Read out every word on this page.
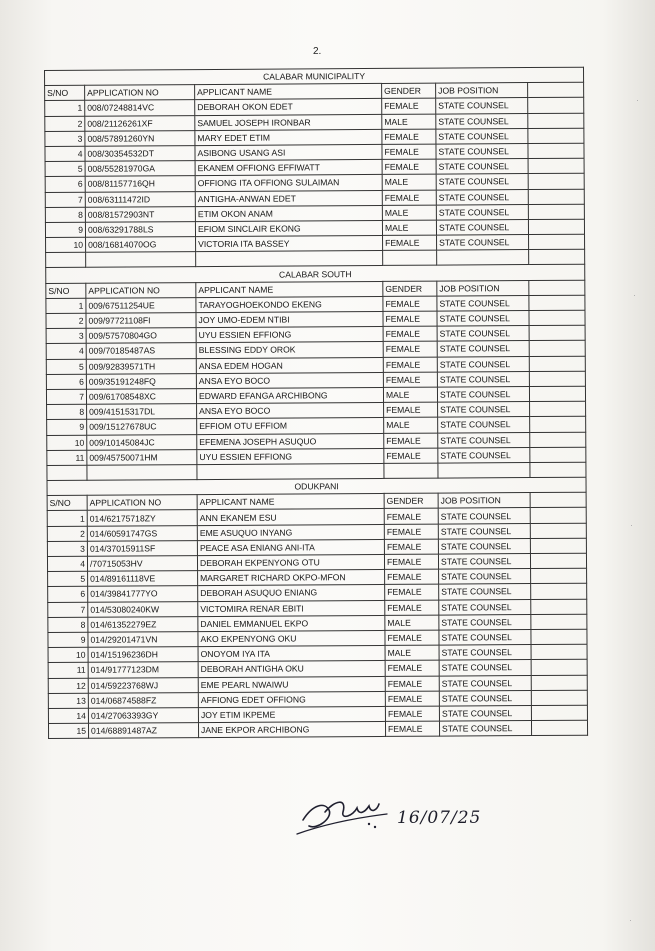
2.
CALABAR MUNICIPALITY					
S/NO	APPLICATION NO	APPLICANT NAME	GENDER	JOB POSITION	
1	008/07248814VC	DEBORAH OKON EDET	FEMALE	STATE COUNSEL	
2	008/21126261XF	SAMUEL JOSEPH IRONBAR	MALE	STATE COUNSEL	
3	008/57891260YN	MARY EDET ETIM	FEMALE	STATE COUNSEL	
4	008/30354532DT	ASIBONG USANG ASI	FEMALE	STATE COUNSEL	
5	008/55281970GA	EKANEM OFFIONG EFFIWATT	FEMALE	STATE COUNSEL	
6	008/81157716QH	OFFIONG ITA OFFIONG SULAIMAN	MALE	STATE COUNSEL	
7	008/63111472ID	ANTIGHA-ANWAN EDET	FEMALE	STATE COUNSEL	
8	008/81572903NT	ETIM OKON ANAM	MALE	STATE COUNSEL	
9	008/63291788LS	EFIOM SINCLAIR EKONG	MALE	STATE COUNSEL	
10	008/16814070OG	VICTORIA ITA BASSEY	FEMALE	STATE COUNSEL	

CALABAR SOUTH					
S/NO	APPLICATION NO	APPLICANT NAME	GENDER	JOB POSITION	
1	009/67511254UE	TARAYOGHOEKONDO EKENG	FEMALE	STATE COUNSEL	
2	009/97721108FI	JOY UMO-EDEM NTIBI	FEMALE	STATE COUNSEL	
3	009/57570804GO	UYU ESSIEN EFFIONG	FEMALE	STATE COUNSEL	
4	009/70185487AS	BLESSING EDDY OROK	FEMALE	STATE COUNSEL	
5	009/92839571TH	ANSA EDEM HOGAN	FEMALE	STATE COUNSEL	
6	009/35191248FQ	ANSA EYO BOCO	FEMALE	STATE COUNSEL	
7	009/61708548XC	EDWARD EFANGA ARCHIBONG	MALE	STATE COUNSEL	
8	009/41515317DL	ANSA EYO BOCO	FEMALE	STATE COUNSEL	
9	009/15127678UC	EFFIOM OTU EFFIOM	MALE	STATE COUNSEL	
10	009/10145084JC	EFEMENA JOSEPH ASUQUO	FEMALE	STATE COUNSEL	
11	009/45750071HM	UYU ESSIEN EFFIONG	FEMALE	STATE COUNSEL	

ODUKPANI					
S/NO	APPLICATION NO	APPLICANT NAME	GENDER	JOB POSITION	
1	014/62175718ZY	ANN EKANEM ESU	FEMALE	STATE COUNSEL	
2	014/60591747GS	EME ASUQUO INYANG	FEMALE	STATE COUNSEL	
3	014/37015911SF	PEACE ASA ENIANG ANI-ITA	FEMALE	STATE COUNSEL	
4	/70715053HV	DEBORAH EKPENYONG OTU	FEMALE	STATE COUNSEL	
5	014/89161118VE	MARGARET RICHARD OKPO-MFON	FEMALE	STATE COUNSEL	
6	014/39841777YO	DEBORAH ASUQUO ENIANG	FEMALE	STATE COUNSEL	
7	014/53080240KW	VICTOMIRA RENAR EBITI	FEMALE	STATE COUNSEL	
8	014/61352279EZ	DANIEL EMMANUEL EKPO	MALE	STATE COUNSEL	
9	014/29201471VN	AKO EKPENYONG OKU	FEMALE	STATE COUNSEL	
10	014/15196236DH	ONOYOM IYA ITA	MALE	STATE COUNSEL	
11	014/91777123DM	DEBORAH ANTIGHA OKU	FEMALE	STATE COUNSEL	
12	014/59223768WJ	EME PEARL NWAIWU	FEMALE	STATE COUNSEL	
13	014/06874588FZ	AFFIONG EDET OFFIONG	FEMALE	STATE COUNSEL	
14	014/27063393GY	JOY ETIM IKPEME	FEMALE	STATE COUNSEL	
15	014/68891487AZ	JANE EKPOR ARCHIBONG	FEMALE	STATE COUNSEL	
16/07/25
·
·
·
·
